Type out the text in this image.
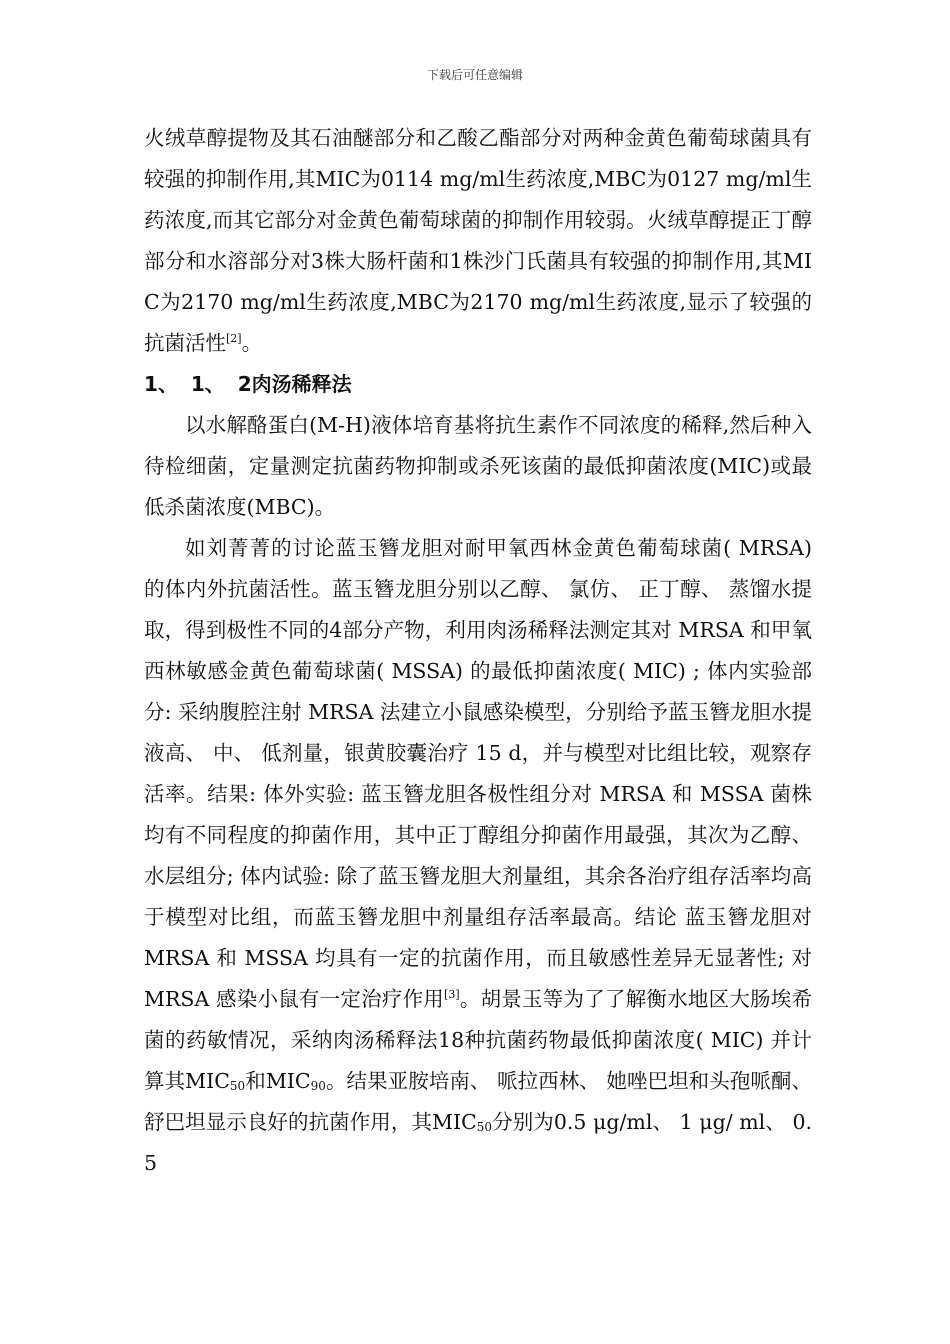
下载后可任意编辑

火绒草醇提物及其石油醚部分和乙酸乙酯部分对两种金黄色葡萄球菌具有较强的抑制作用,其MIC为0114 mg/ml生药浓度,MBC为0127 mg/ml生药浓度,而其它部分对金黄色葡萄球菌的抑制作用较弱。火绒草醇提正丁醇部分和水溶部分对3株大肠杆菌和1株沙门氏菌具有较强的抑制作用,其MIC为2170 mg/ml生药浓度,MBC为2170 mg/ml生药浓度,显示了较强的抗菌活性[2]。

1、 1、 2肉汤稀释法

以水解酪蛋白(M-H)液体培育基将抗生素作不同浓度的稀释,然后种入待检细菌，定量测定抗菌药物抑制或杀死该菌的最低抑菌浓度(MIC)或最低杀菌浓度(MBC)。

如刘菁菁的讨论蓝玉簪龙胆对耐甲氧西林金黄色葡萄球菌( MRSA) 的体内外抗菌活性。蓝玉簪龙胆分别以乙醇、 氯仿、 正丁醇、 蒸馏水提取，得到极性不同的4部分产物，利用肉汤稀释法测定其对 MRSA 和甲氧西林敏感金黄色葡萄球菌( MSSA) 的最低抑菌浓度( MIC) ; 体内实验部分: 采纳腹腔注射 MRSA 法建立小鼠感染模型，分别给予蓝玉簪龙胆水提液高、 中、 低剂量，银黄胶囊治疗 15 d，并与模型对比组比较，观察存活率。结果: 体外实验: 蓝玉簪龙胆各极性组分对 MRSA 和 MSSA 菌株均有不同程度的抑菌作用，其中正丁醇组分抑菌作用最强，其次为乙醇、 水层组分; 体内试验: 除了蓝玉簪龙胆大剂量组，其余各治疗组存活率均高于模型对比组，而蓝玉簪龙胆中剂量组存活率最高。结论 蓝玉簪龙胆对 MRSA 和 MSSA 均具有一定的抗菌作用，而且敏感性差异无显著性; 对 MRSA 感染小鼠有一定治疗作用[3]。胡景玉等为了了解衡水地区大肠埃希菌的药敏情况，采纳肉汤稀释法18种抗菌药物最低抑菌浓度( MIC) 并计算其$MIC_{50}$和$MIC_{90}$。结果亚胺培南、 哌拉西林、 她唑巴坦和头孢哌酮、 舒巴坦显示良好的抗菌作用，其$MIC_{50}$分别为0.5 μg/ml、 1 μg/ ml、 0.5
